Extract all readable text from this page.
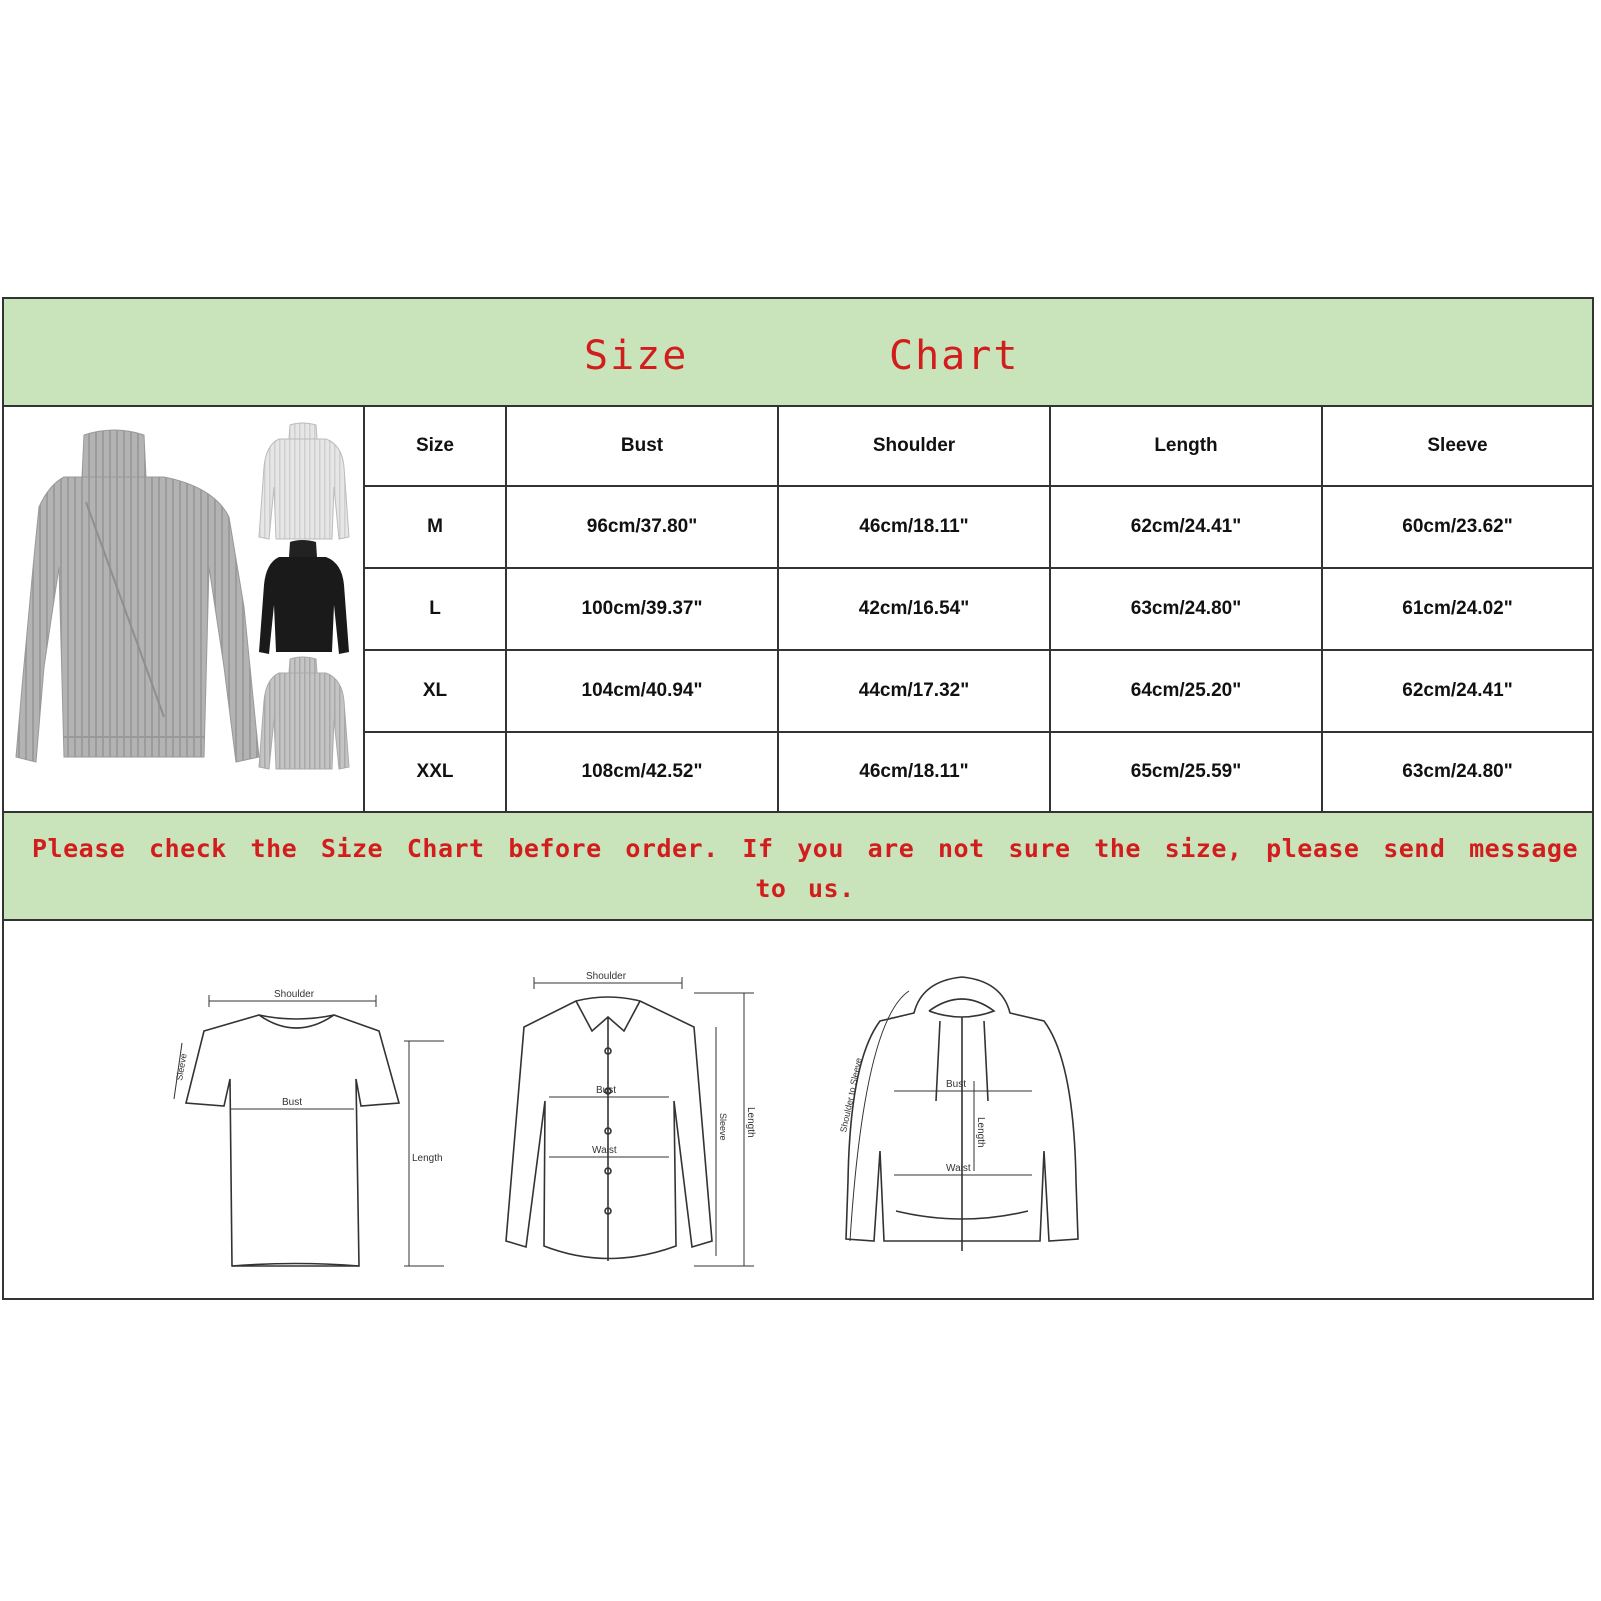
Size	Chart
Size	Bust	Shoulder	Length	Sleeve
M	96cm/37.80"	46cm/18.11"	62cm/24.41"	60cm/23.62"
L	100cm/39.37"	42cm/16.54"	63cm/24.80"	61cm/24.02"
XL	104cm/40.94"	44cm/17.32"	64cm/25.20"	62cm/24.41"
XXL	108cm/42.52"	46cm/18.11"	65cm/25.59"	63cm/24.80"
Please check the Size Chart before order. If you are not sure the size, please send message to us.
Shoulder
Sleeve
Bust
Length
Shoulder
Bust
Waist
Sleeve Length	Shoulder to Sleeve	Bust
Length
Waist
